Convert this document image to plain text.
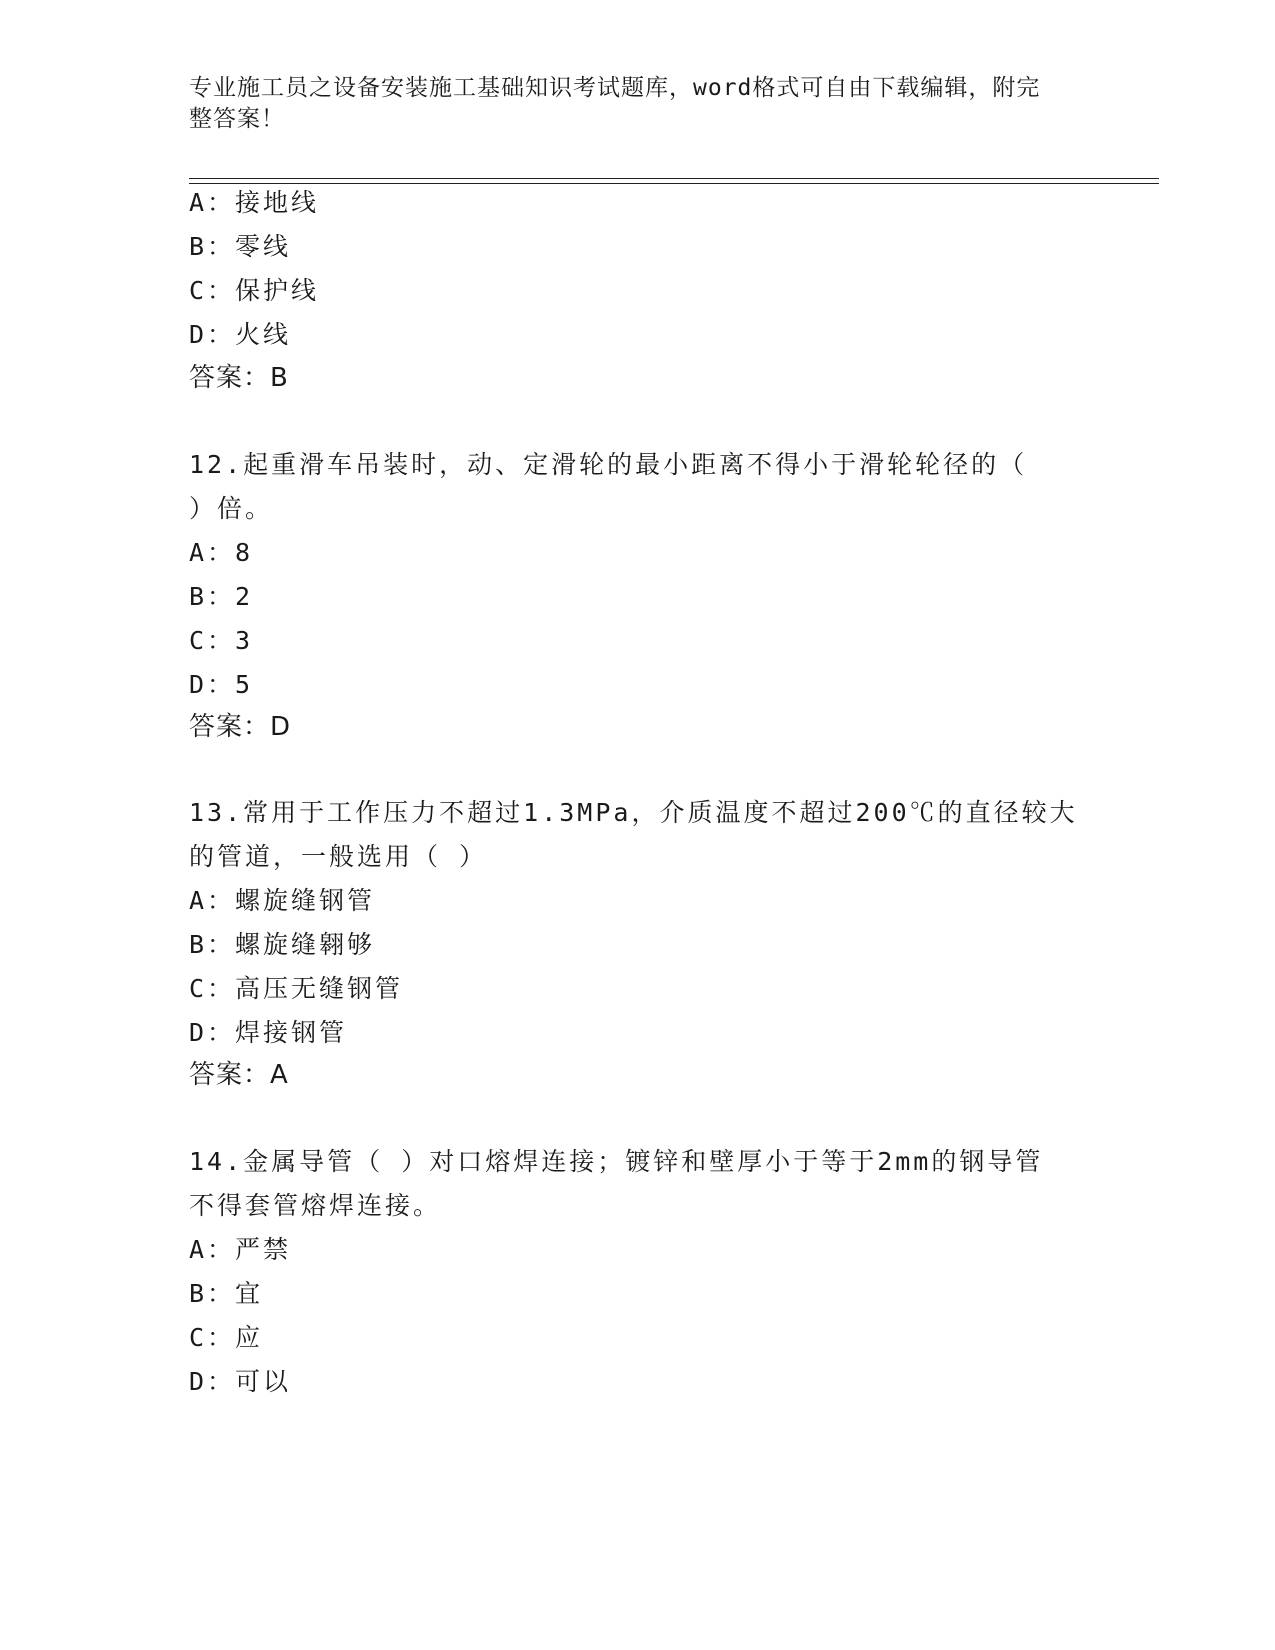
专业施工员之设备安装施工基础知识考试题库，word格式可自由下载编辑，附完
整答案！
A：接地线
B：零线
C：保护线
D：火线
答案：B
12.起重滑车吊装时，动、定滑轮的最小距离不得小于滑轮轮径的（
）倍。
A：8
B：2
C：3
D：5
答案：D
13.常用于工作压力不超过1.3MPa，介质温度不超过200℃的直径较大
的管道，一般选用（ ）
A：螺旋缝钢管
B：螺旋缝翱够
C：高压无缝钢管
D：焊接钢管
答案：A
14.金属导管（ ）对口熔焊连接；镀锌和壁厚小于等于2mm的钢导管
不得套管熔焊连接。
A：严禁
B：宜
C：应
D：可以
